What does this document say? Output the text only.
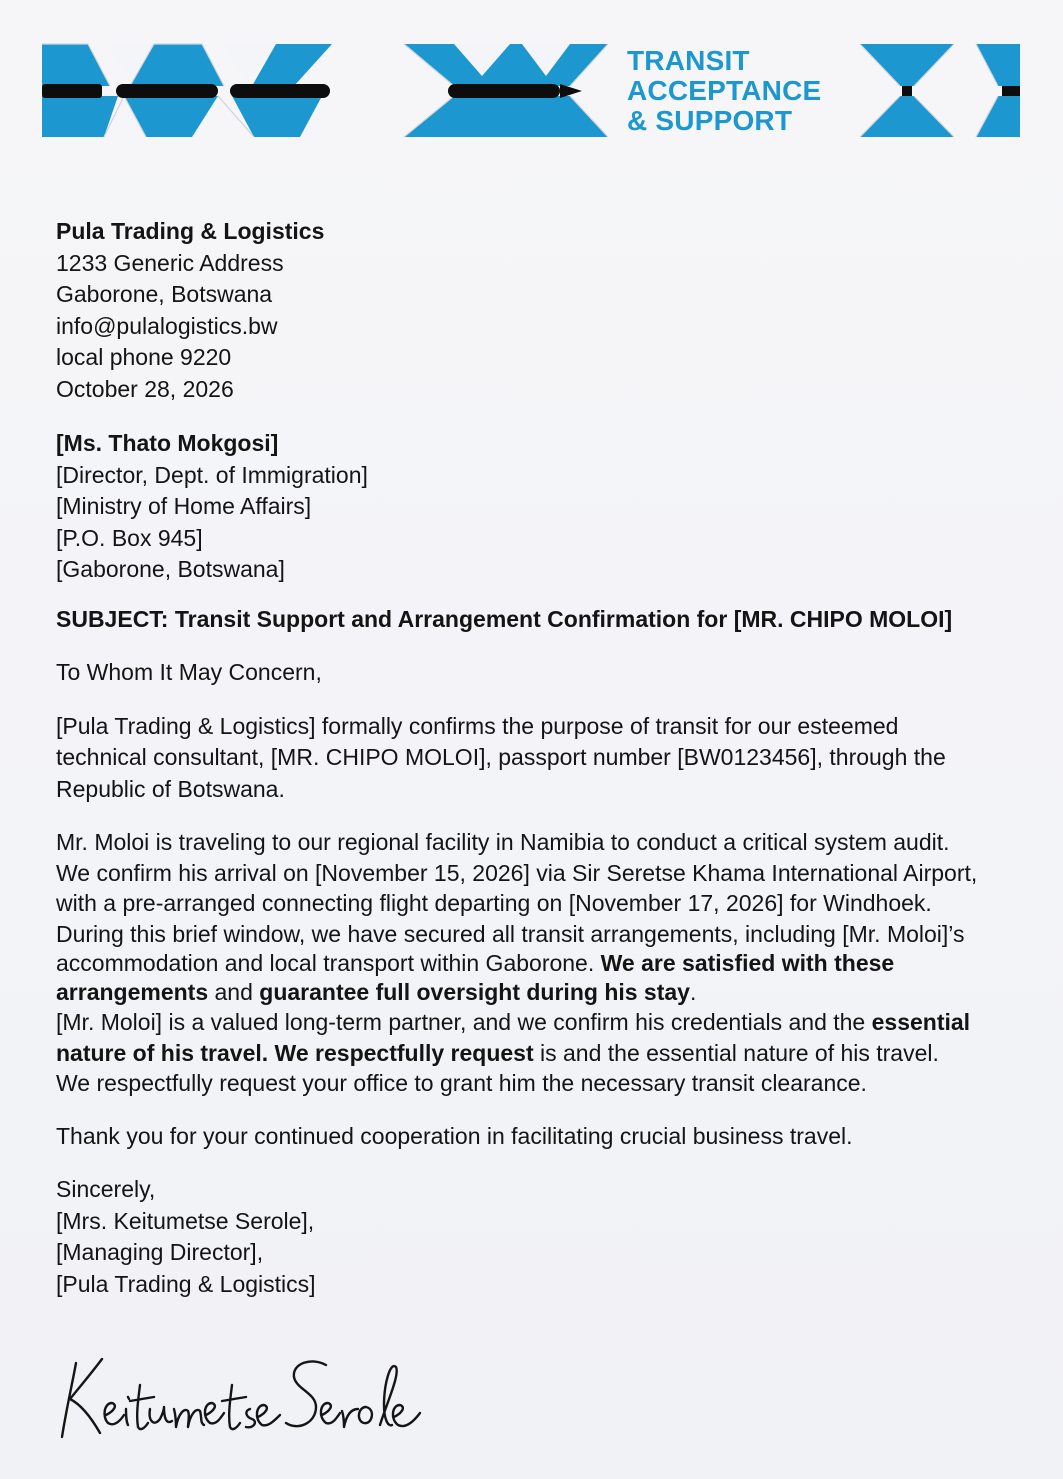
TRANSIT
ACCEPTANCE
& SUPPORT
Pula Trading & Logistics
1233 Generic Address
Gaborone, Botswana
info@pulalogistics.bw
local phone 9220
October 28, 2026
[Ms. Thato Mokgosi]
[Director, Dept. of Immigration]
[Ministry of Home Affairs]
[P.O. Box 945]
[Gaborone, Botswana]
SUBJECT: Transit Support and Arrangement Confirmation for [MR. CHIPO MOLOI]
To Whom It May Concern,
[Pula Trading & Logistics] formally confirms the purpose of transit for our esteemed
technical consultant, [MR. CHIPO MOLOI], passport number [BW0123456], through the
Republic of Botswana.
Mr. Moloi is traveling to our regional facility in Namibia to conduct a critical system audit.
We confirm his arrival on [November 15, 2026] via Sir Seretse Khama International Airport,
with a pre-arranged connecting flight departing on [November 17, 2026] for Windhoek.
During this brief window, we have secured all transit arrangements, including [Mr. Moloi]’s
accommodation and local transport within Gaborone. We are satisfied with these
arrangements and guarantee full oversight during his stay.
[Mr. Moloi] is a valued long-term partner, and we confirm his credentials and the essential
nature of his travel. We respectfully request is and the essential nature of his travel.
We respectfully request your office to grant him the necessary transit clearance.
Thank you for your continued cooperation in facilitating crucial business travel.
Sincerely,
[Mrs. Keitumetse Serole],
[Managing Director],
[Pula Trading & Logistics]
